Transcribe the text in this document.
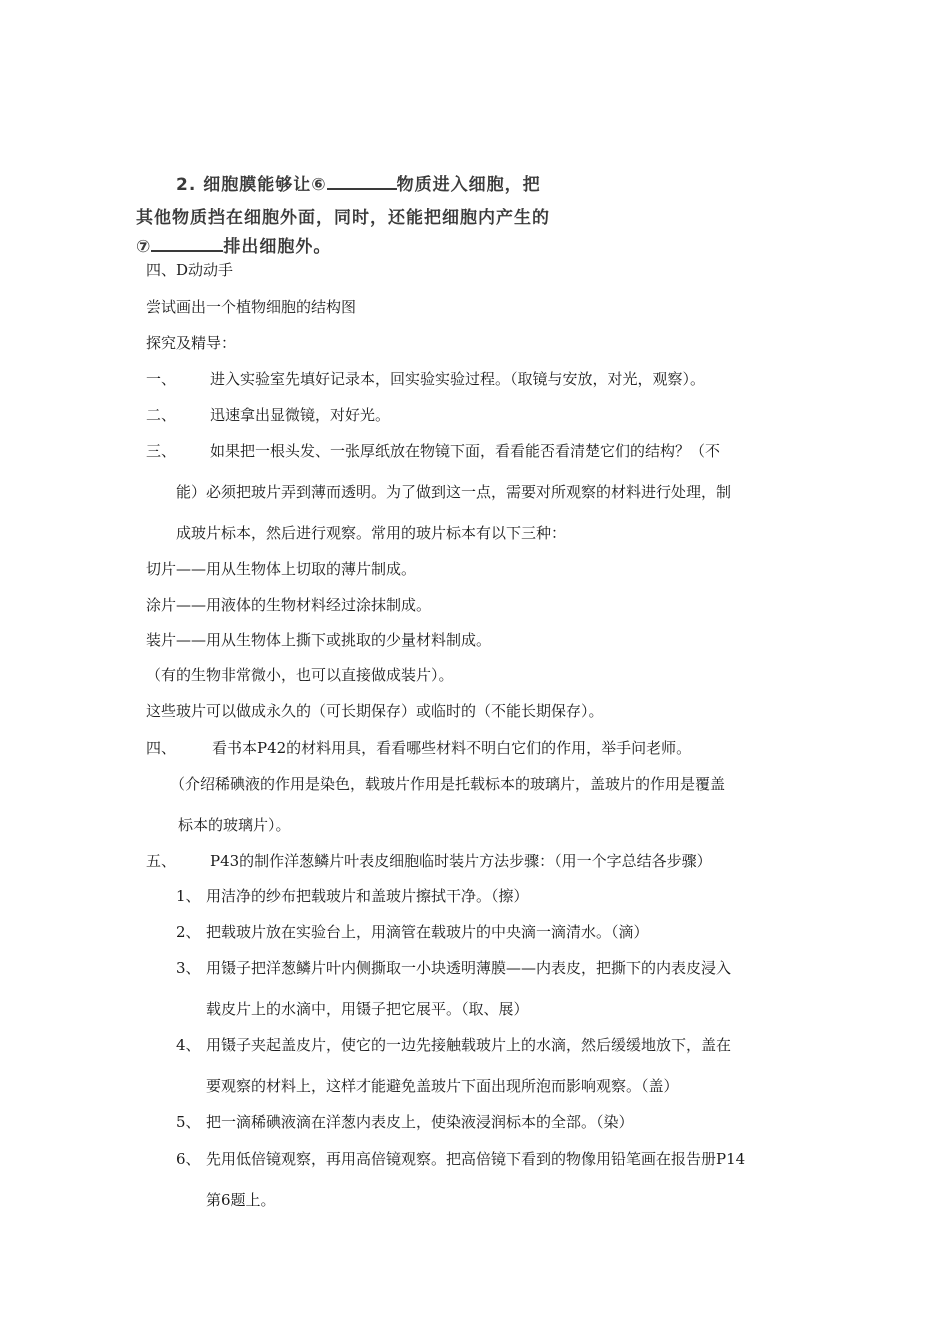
2. 细胞膜能够让⑥	物质进入细胞，把
其他物质挡在细胞外面，同时，还能把细胞内产生的
⑦	排出细胞外。
四、D动动手
尝试画出一个植物细胞的结构图
探究及精导：
一、 进入实验室先填好记录本，回实验实验过程。（取镜与安放，对光，观察）。
二、 迅速拿出显微镜，对好光。
三、 如果把一根头发、一张厚纸放在物镜下面，看看能否看清楚它们的结构？（不
能）必须把玻片弄到薄而透明。为了做到这一点，需要对所观察的材料进行处理，制
成玻片标本，然后进行观察。常用的玻片标本有以下三种：
切片——用从生物体上切取的薄片制成。
涂片——用液体的生物材料经过涂抹制成。
装片——用从生物体上撕下或挑取的少量材料制成。
（有的生物非常微小，也可以直接做成装片）。
这些玻片可以做成永久的（可长期保存）或临时的（不能长期保存）。
四、 看书本P42的材料用具，看看哪些材料不明白它们的作用，举手问老师。
（介绍稀碘液的作用是染色，载玻片作用是托载标本的玻璃片，盖玻片的作用是覆盖
标本的玻璃片）。
五、 P43的制作洋葱鳞片叶表皮细胞临时装片方法步骤：（用一个字总结各步骤）
1、 用洁净的纱布把载玻片和盖玻片擦拭干净。（擦）
2、 把载玻片放在实验台上，用滴管在载玻片的中央滴一滴清水。（滴）
3、 用镊子把洋葱鳞片叶内侧撕取一小块透明薄膜——内表皮，把撕下的内表皮浸入
载皮片上的水滴中，用镊子把它展平。（取、展）
4、 用镊子夹起盖皮片，使它的一边先接触载玻片上的水滴，然后缓缓地放下，盖在
要观察的材料上，这样才能避免盖玻片下面出现所泡而影响观察。（盖）
5、 把一滴稀碘液滴在洋葱内表皮上，使染液浸润标本的全部。（染）
6、 先用低倍镜观察，再用高倍镜观察。把高倍镜下看到的物像用铅笔画在报告册P14
第6题上。
